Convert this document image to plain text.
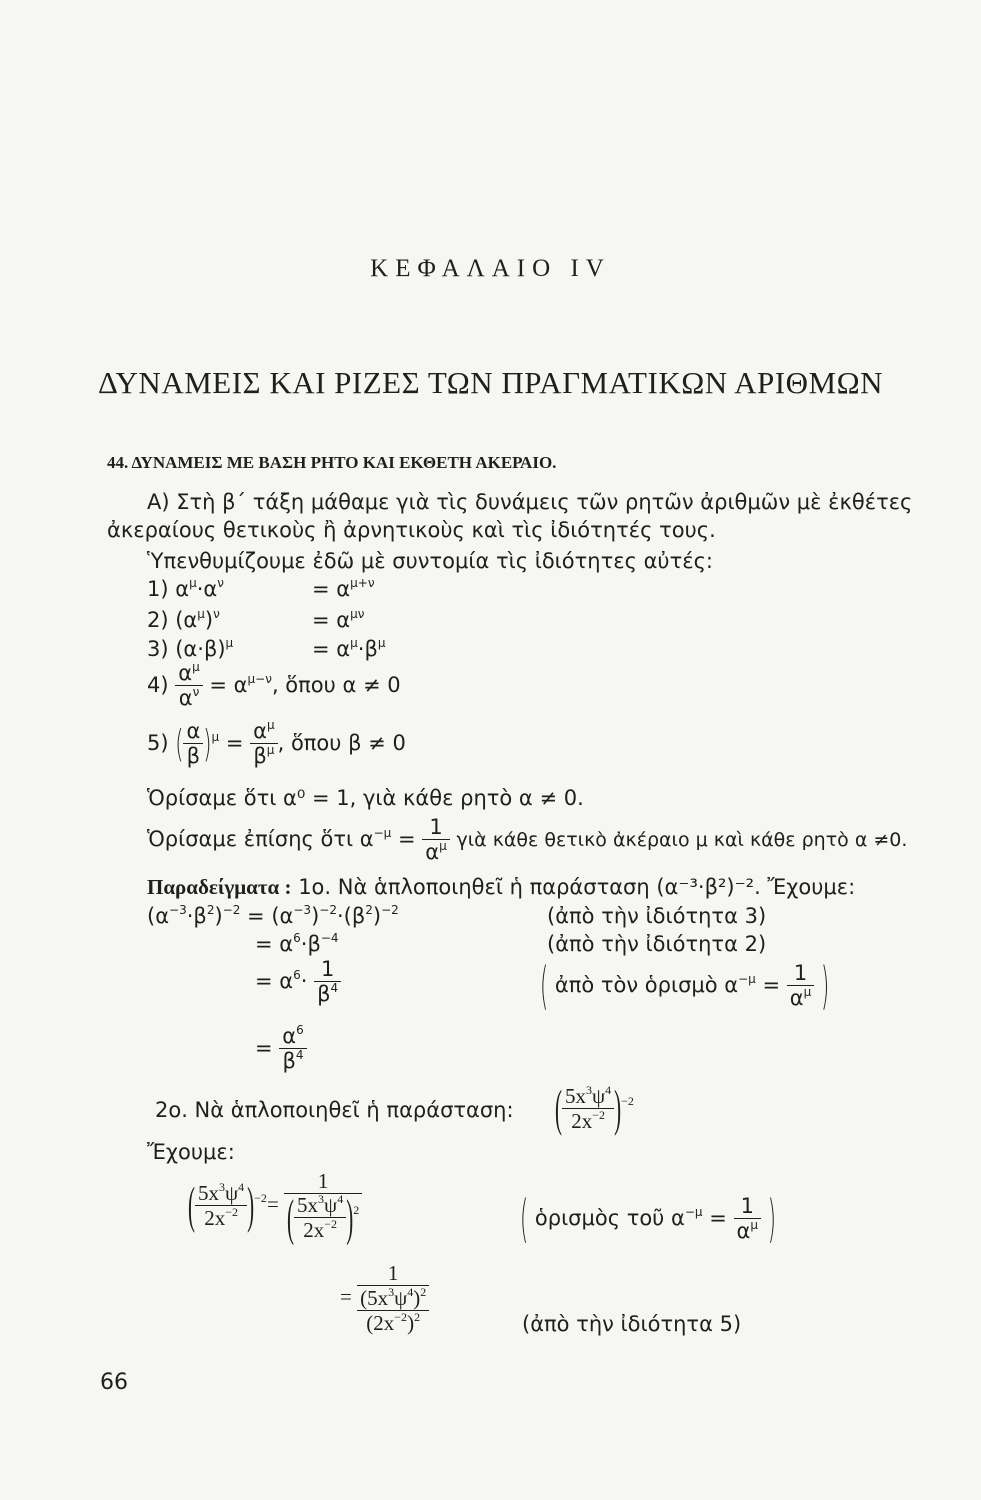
ΚΕΦΑΛΑΙΟ IV
ΔΥΝΑΜΕΙΣ ΚΑΙ ΡΙΖΕΣ ΤΩΝ ΠΡΑΓΜΑΤΙΚΩΝ ΑΡΙΘΜΩΝ
44. ΔΥΝΑΜΕΙΣ ΜΕ ΒΑΣΗ ΡΗΤΟ ΚΑΙ ΕΚΘΕΤΗ ΑΚΕΡΑΙΟ.
Α) Στὴ β΄ τάξη μάθαμε γιὰ τὶς δυνάμεις τῶν ρητῶν ἀριθμῶν μὲ ἐκθέτες
ἀκεραίους θετικοὺς ἢ ἀρνητικοὺς καὶ τὶς ἰδιότητές τους.
Ὑπενθυμίζουμε ἐδῶ μὲ συντομία τὶς ἰδιότητες αὐτές:
1) $\alpha^\mu\cdot\alpha^\nu$	= $\alpha^{\mu+\nu}$
2) $(\alpha^\mu)^\nu$	= $\alpha^{\mu\nu}$
3) $(\alpha\cdot\beta)^\mu$	= $\alpha^\mu\cdot\beta^\mu$
$4) \frac{\alpha^\mu}{\alpha^\nu} = \alpha^{\mu-\nu}$, ὅπου α ≠ 0
5) ( $\frac{\alpha}{\beta} )^\mu = \frac{\alpha^\mu}{\beta^\mu}$ , ὅπου β ≠ 0
Ὁρίσαμε ὅτι α⁰ = 1, γιὰ κάθε ρητὸ α ≠ 0.
Ὁρίσαμε ἐπίσης ὅτι $\alpha^{-\mu} = \frac{1}{\alpha^\mu}$ γιὰ κάθε θετικὸ ἀκέραιο μ καὶ κάθε ρητὸ α ≠0.
Παραδείγματα : 1ο. Νὰ ἁπλοποιηθεῖ ἡ παράσταση (α⁻³·β²)⁻². Ἔχουμε:
$(\alpha^{-3}\cdot\beta^2)^{-2} = (\alpha^{-3})^{-2}\cdot(\beta^2)^{-2}$	(ἀπὸ τὴν ἰδιότητα 3)
= $\alpha^6\cdot\beta^{-4}$	(ἀπὸ τὴν ἰδιότητα 2)
= $\alpha^6\cdot \frac{1}{\beta^4}$	( ἀπὸ τὸν ὁρισμὸ $\alpha^{-\mu} = \frac{1}{\alpha^\mu}$ )
= $\frac{\alpha^6}{\beta^4}$
2ο. Νὰ ἁπλοποιηθεῖ ἡ παράσταση: ( $\frac{5x^3\psi^4}{2x^{-2}} )^{-2}$
Ἔχουμε:
( $\frac{5x^3\psi^4}{2x^{-2}} )^{-2}= \frac{1}{( \frac{5x^3\psi^4}{2x^{-2}} )^2}$	( ὁρισμὸς τοῦ $\alpha^{-\mu} = \frac{1}{\alpha^\mu}$ )
=
1
$(5x^3\psi^4)^2$
$(2x^{-2})^2$	(ἀπὸ τὴν ἰδιότητα 5)
66
